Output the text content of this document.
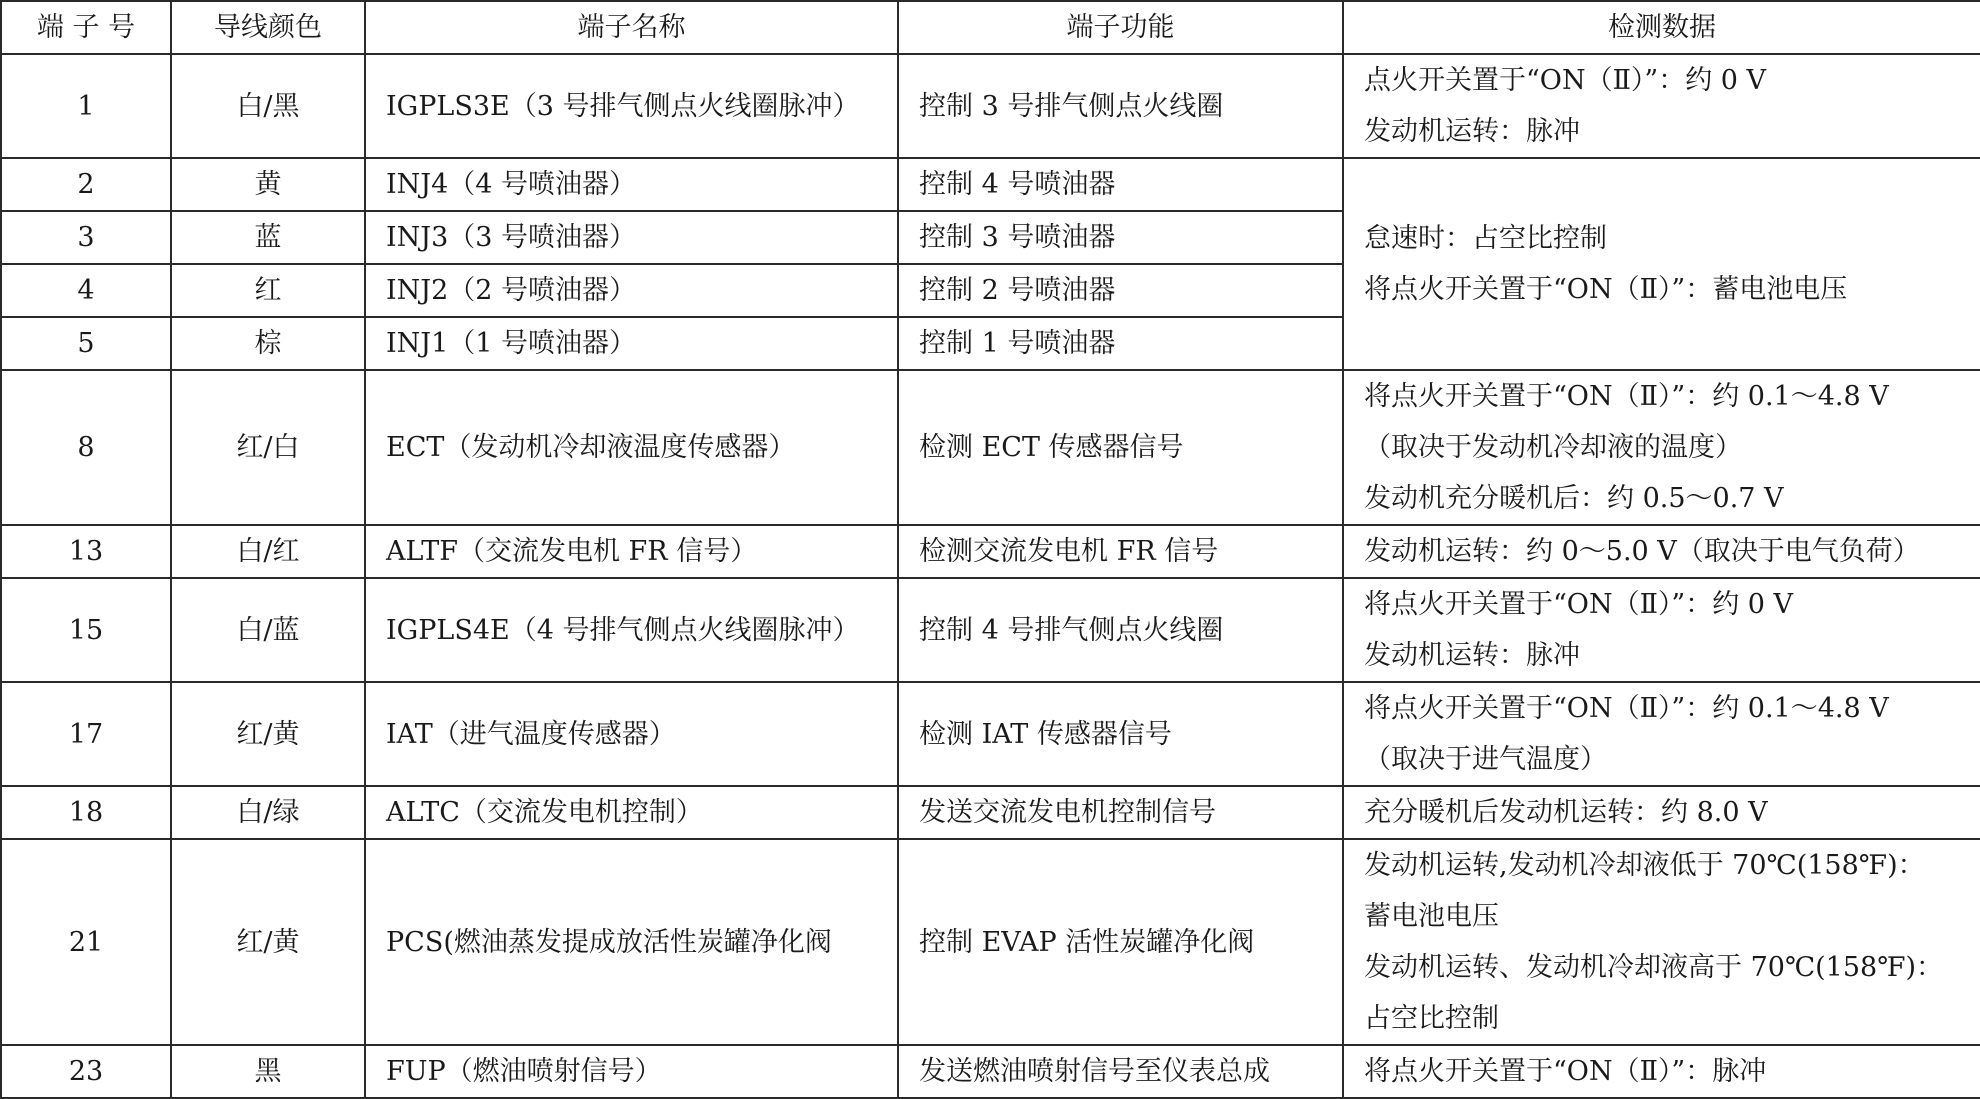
端 子 号	导线颜色	端子名称	端子功能	检测数据
1	白/黑	IGPLS3E（3 号排气侧点火线圈脉冲）	控制 3 号排气侧点火线圈	点火开关置于“ON（Ⅱ）”：约 0 V
发动机运转：脉冲

2	黄	INJ4（4 号喷油器）	控制 4 号喷油器	怠速时：占空比控制
将点火开关置于“ON（Ⅱ）”：蓄电池电压

3	蓝	INJ3（3 号喷油器）	控制 3 号喷油器	
4	红	INJ2（2 号喷油器）	控制 2 号喷油器	
5	棕	INJ1（1 号喷油器）	控制 1 号喷油器	
8	红/白	ECT（发动机冷却液温度传感器）	检测 ECT 传感器信号	将点火开关置于“ON（Ⅱ）”：约 0.1～4.8 V
（取决于发动机冷却液的温度）
发动机充分暖机后：约 0.5～0.7 V

13	白/红	ALTF（交流发电机 FR 信号）	检测交流发电机 FR 信号	发动机运转：约 0～5.0 V（取决于电气负荷）

15	白/蓝	IGPLS4E（4 号排气侧点火线圈脉冲）	控制 4 号排气侧点火线圈	将点火开关置于“ON（Ⅱ）”：约 0 V
发动机运转：脉冲

17	红/黄	IAT（进气温度传感器）	检测 IAT 传感器信号	将点火开关置于“ON（Ⅱ）”：约 0.1～4.8 V
（取决于进气温度）

18	白/绿	ALTC（交流发电机控制）	发送交流发电机控制信号	充分暖机后发动机运转：约 8.0 V

21	红/黄	PCS(燃油蒸发提成放活性炭罐净化阀	控制 EVAP 活性炭罐净化阀	发动机运转,发动机冷却液低于 70℃(158℉)：
蓄电池电压
发动机运转、发动机冷却液高于 70℃(158℉)：
占空比控制

23	黑	FUP（燃油喷射信号）	发送燃油喷射信号至仪表总成	将点火开关置于“ON（Ⅱ）”：脉冲
